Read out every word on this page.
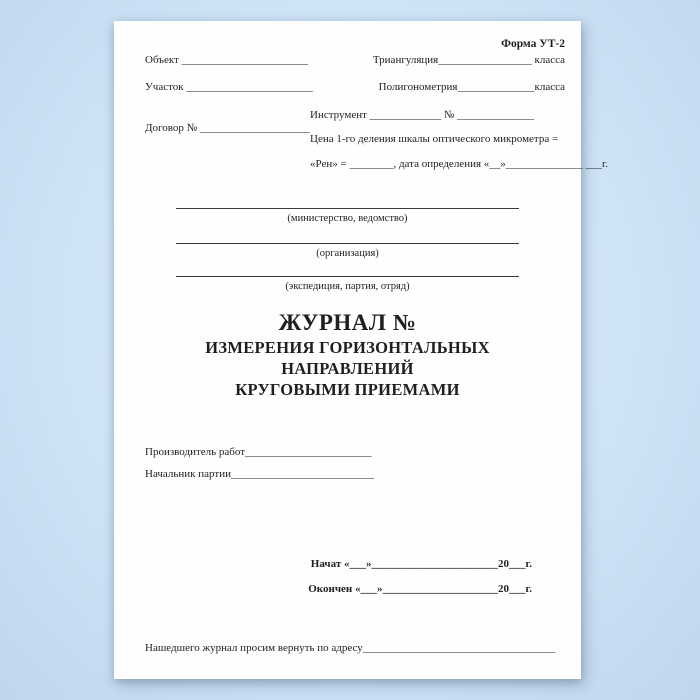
Форма УТ-2
Объект _______________________	Триангуляция_________________ класса
Участок _______________________	Полигонометрия______________класса
Инструмент _____________ № ______________
Договор № ____________________
Цена 1-го деления шкалы оптического микрометра =
«Рен» = ________, дата определения «__»______________ ___г.
(министерство, ведомство)
(организация)
(экспедиция, партия, отряд)
ЖУРНАЛ №
ИЗМЕРЕНИЯ ГОРИЗОНТАЛЬНЫХ
НАПРАВЛЕНИЙ
КРУГОВЫМИ ПРИЕМАМИ
Производитель работ_______________________
Начальник партии__________________________
Начат «___»_______________________20___г.
Окончен «___»_____________________20___г.
Нашедшего журнал просим вернуть по адресу___________________________________
